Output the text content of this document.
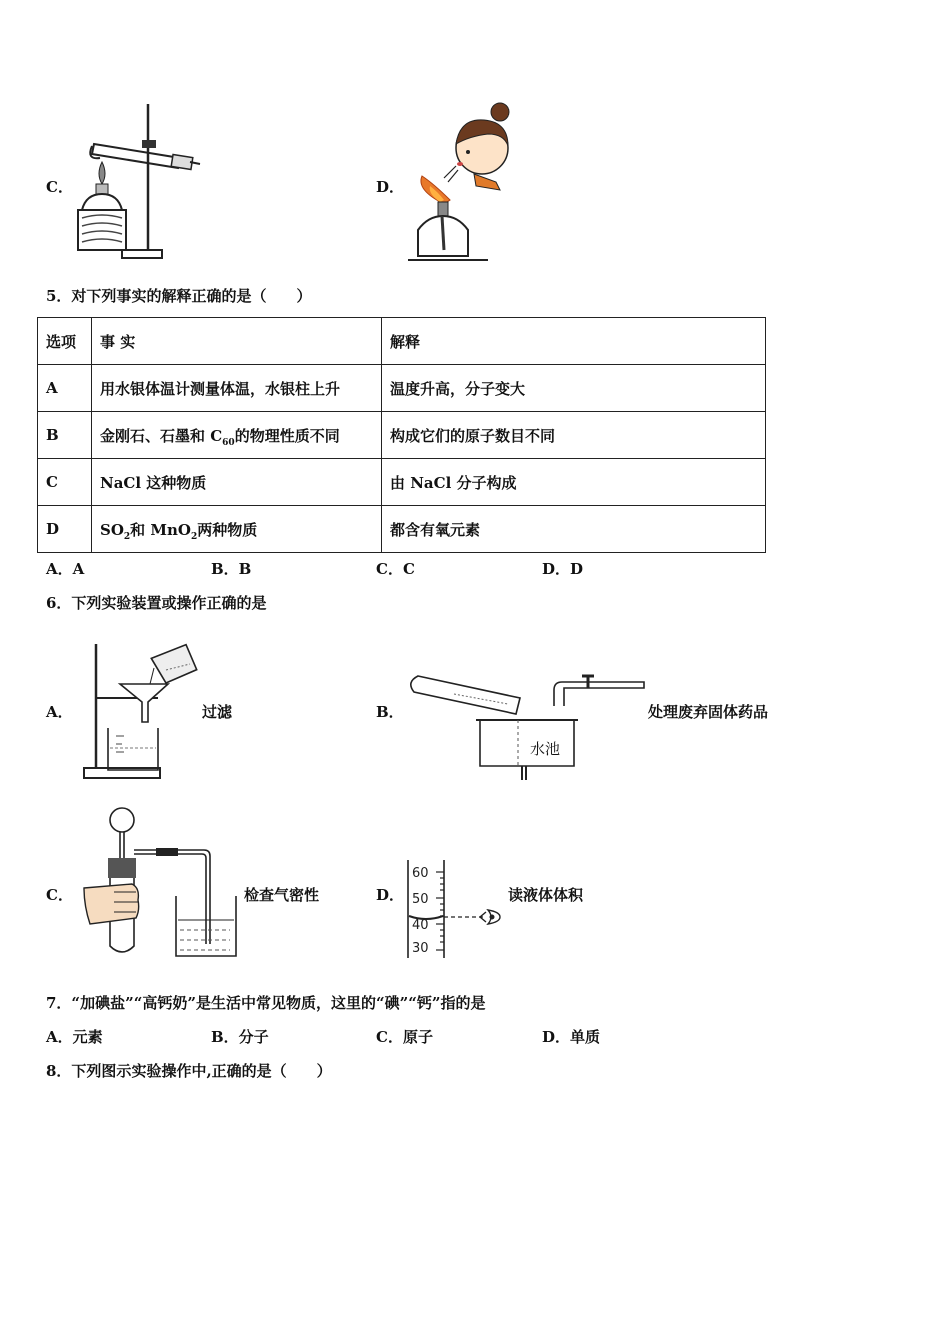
C．	D．
5．对下列事实的解释正确的是（　　）
选项	事 实	解释
A	用水银体温计测量体温，水银柱上升	温度升高，分子变大
B	金刚石、石墨和 $C_{60}$的物理性质不同	构成它们的原子数目不同
C	NaCl 这种物质	由 NaCl 分子构成
D	$SO_2$和 MnO$_2$两种物质	都含有氧元素
A．A	B．B	C．C	D．D
6．下列实验装置或操作正确的是
A．	过滤	B．
水池
处理废弃固体药品
C．	检查气密性	D．
60
50
40
30
读液体体积
7．“加碘盐”“高钙奶”是生活中常见物质，这里的“碘”“钙”指的是
A．元素	B．分子	C．原子	D．单质
8．下列图示实验操作中,正确的是（　　）
